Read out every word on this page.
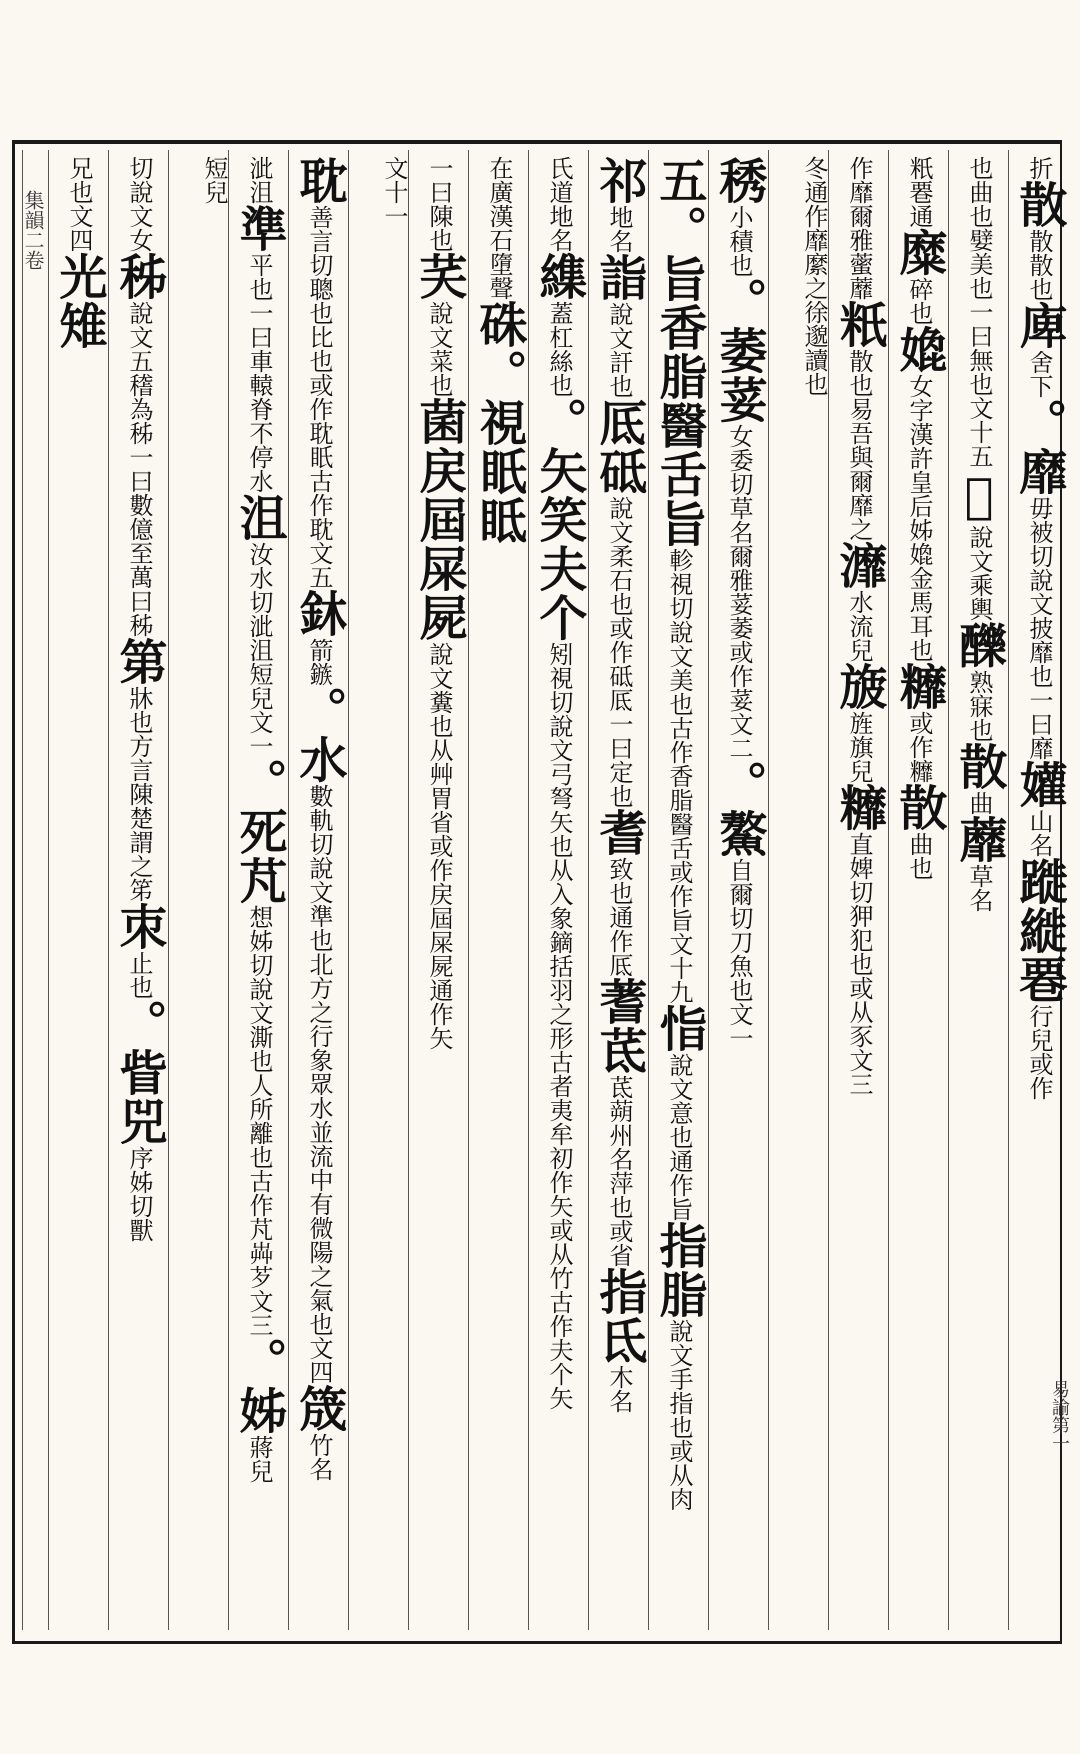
折散散散也庳舍下。靡毋被切說文披靡也一曰靡孉山名蹝縰䙴行兒或作
也曲也嬖美也一曰無也文十五𦗸說文乘輿䤕熟寐也散曲蘼草名
䉻䙴通糜碎也嫓女字漢許皇后姊嫓金馬耳也䊳或作䊳散曲也
作靡爾雅藌蘼䉻散也易吾與爾靡之灖水流兒旇旌旗兒䊳直婢切狎犯也或从豕文三
冬通作靡縻之徐邈讀也
䅎小積也。萎荽女委切草名爾雅荽萎或作荽文二。鰲自爾切刀魚也文一
五。旨香脂醫舌旨軫視切說文美也古作香脂醫舌或作旨文十九恉說文意也通作旨指脂說文手指也或从肉
祁地名詣說文訐也厎砥說文柔石也或作砥厎一曰定也耆致也通作厎蓍茋茋蒴州名萍也或省指氐木名
氏道地名䌖蓋杠絲也。矢笑夫个矧視切說文弓弩矢也从入象鏑括羽之形古者夷牟初作矢或从竹古作夫个矢
在廣漢石墮聲硃。視眂眡
一曰陳也芺說文菜也菌戻屆屎屍說文糞也从艸胃省或作戻屆屎屍通作矢
文十一
耽善言切聰也比也或作耽眂古作耽文五鈢箭鏃。水數軌切說文準也北方之行象眾水並流中有微陽之氣也文四筬竹名
泚沮準平也一曰車轅脊不停水沮汝水切泚沮短兒文一。死芃想姊切說文澌也人所離也古作芃芔芕文三。姊蔣兒
短兒
切說文女秭說文五𥡴為秭一曰數億至萬曰秭第牀也方言陳楚謂之笫朿止也。眥兕序姊切獸
兄也文四光雉
集韻二卷
易諭第一
